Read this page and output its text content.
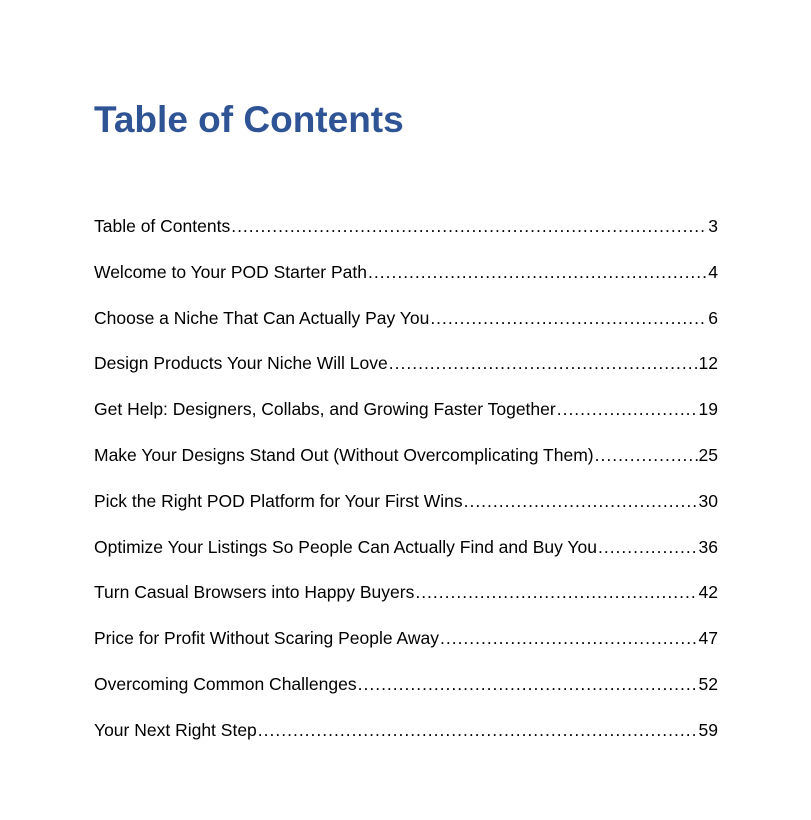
Table of Contents
Table of Contents .....	3
Welcome to Your POD Starter Path .....	4
Choose a Niche That Can Actually Pay You .....	6
Design Products Your Niche Will Love .....	12
Get Help: Designers, Collabs, and Growing Faster Together .....	19
Make Your Designs Stand Out (Without Overcomplicating Them) .....	25
Pick the Right POD Platform for Your First Wins .....	30
Optimize Your Listings So People Can Actually Find and Buy You .....	36
Turn Casual Browsers into Happy Buyers .....	42
Price for Profit Without Scaring People Away .....	47
Overcoming Common Challenges .....	52
Your Next Right Step .....	59
